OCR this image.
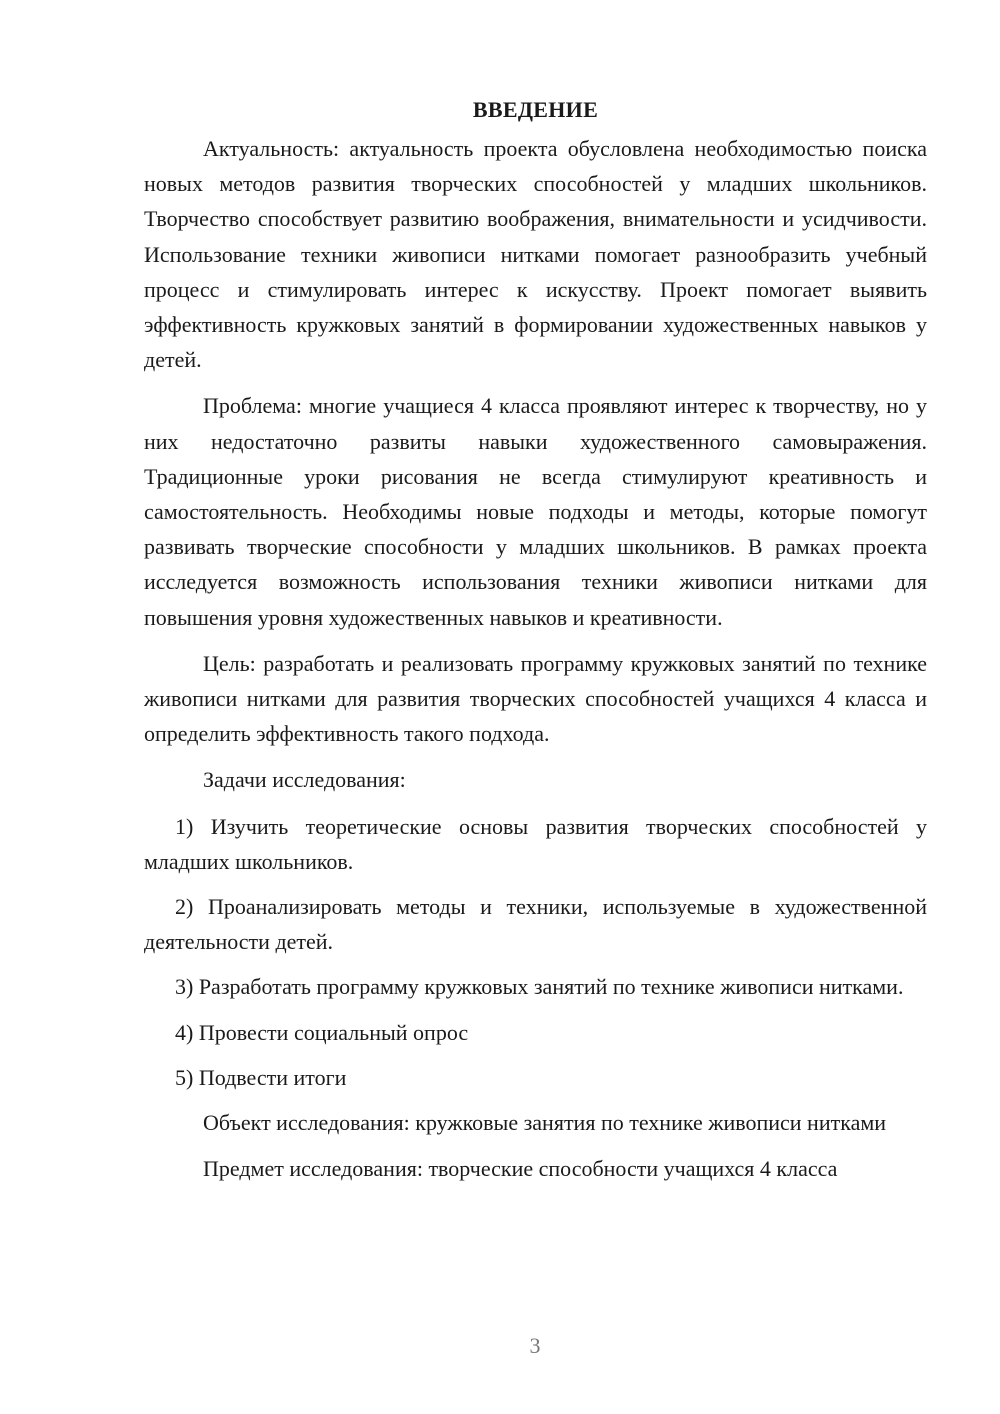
ВВЕДЕНИЕ

Актуальность: актуальность проекта обусловлена необходимостью поиска новых методов развития творческих способностей у младших школьников. Творчество способствует развитию воображения, внимательности и усидчивости. Использование техники живописи нитками помогает разнообразить учебный процесс и стимулировать интерес к искусству. Проект помогает выявить эффективность кружковых занятий в формировании художественных навыков у детей.

Проблема: многие учащиеся 4 класса проявляют интерес к творчеству, но у них недостаточно развиты навыки художественного самовыражения. Традиционные уроки рисования не всегда стимулируют креативность и самостоятельность. Необходимы новые подходы и методы, которые помогут развивать творческие способности у младших школьников. В рамках проекта исследуется возможность использования техники живописи нитками для повышения уровня художественных навыков и креативности.

Цель: разработать и реализовать программу кружковых занятий по технике живописи нитками для развития творческих способностей учащихся 4 класса и определить эффективность такого подхода.

Задачи исследования:

1) Изучить теоретические основы развития творческих способностей у младших школьников.

2) Проанализировать методы и техники, используемые в художественной деятельности детей.

3) Разработать программу кружковых занятий по технике живописи нитками.

4) Провести социальный опрос

5) Подвести итоги

Объект исследования: кружковые занятия по технике живописи нитками

Предмет исследования: творческие способности учащихся 4 класса

3
